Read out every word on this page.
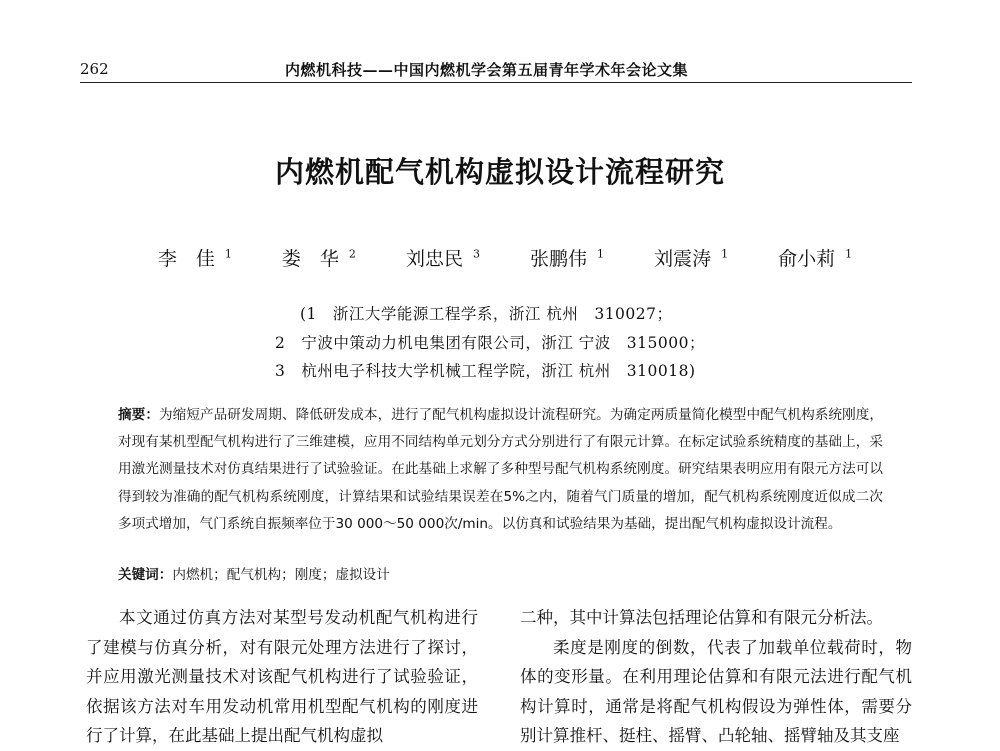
262	内燃机科技——中国内燃机学会第五届青年学术年会论文集
内燃机配气机构虚拟设计流程研究
李　佳 $^1$	娄　华 $^2$	刘忠民 $^3$	张鹏伟 $^1$	刘震涛 $^1$	俞小莉 $^1$
(1　浙江大学能源工程学系，浙江 杭州　310027；
2　宁波中策动力机电集团有限公司，浙江 宁波　315000；
3　杭州电子科技大学机械工程学院，浙江 杭州　310018)
摘要：为缩短产品研发周期、降低研发成本，进行了配气机构虚拟设计流程研究。为确定两质量简化模型中配气机构系统刚度，对现有某机型配气机构进行了三维建模，应用不同结构单元划分方式分别进行了有限元计算。在标定试验系统精度的基础上，采用激光测量技术对仿真结果进行了试验验证。在此基础上求解了多种型号配气机构系统刚度。研究结果表明应用有限元方法可以得到较为准确的配气机构系统刚度，计算结果和试验结果误差在5%之内，随着气门质量的增加，配气机构系统刚度近似成二次多项式增加，气门系统自振频率位于30 000～50 000次/min。以仿真和试验结果为基础，提出配气机构虚拟设计流程。
关键词：内燃机；配气机构；刚度；虚拟设计

本文通过仿真方法对某型号发动机配气机构进行了建模与仿真分析，对有限元处理方法进行了探讨，并应用激光测量技术对该配气机构进行了试验验证，依据该方法对车用发动机常用机型配气机构的刚度进行了计算，在此基础上提出配气机构虚拟

二种，其中计算法包括理论估算和有限元分析法。

柔度是刚度的倒数，代表了加载单位载荷时，物体的变形量。在利用理论估算和有限元法进行配气机构计算时，通常是将配气机构假设为弹性体，需要分别计算推杆、挺柱、摇臂、凸轮轴、摇臂轴及其支座
